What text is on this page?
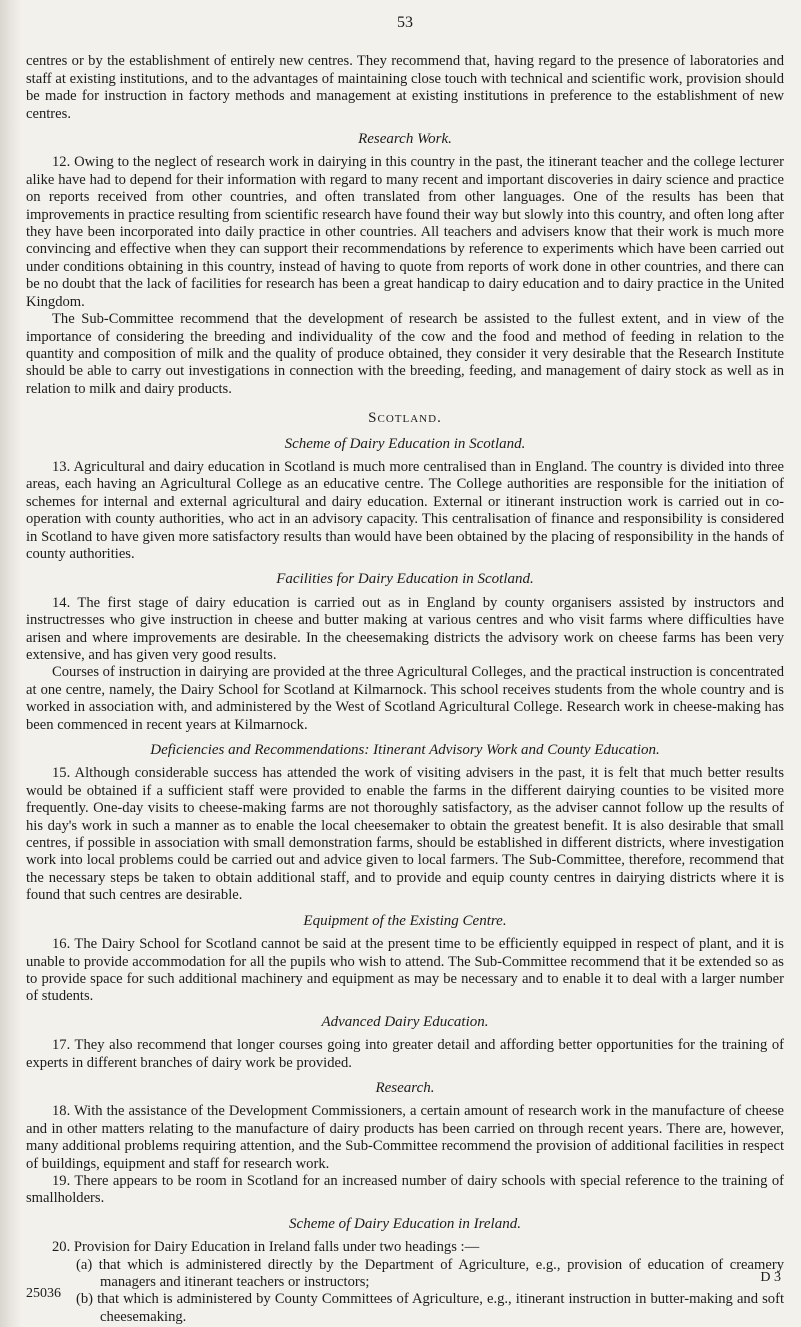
53

centres or by the establishment of entirely new centres. They recommend that, having regard to the presence of laboratories and staff at existing institutions, and to the advantages of maintaining close touch with technical and scientific work, provision should be made for instruction in factory methods and management at existing institutions in preference to the establishment of new centres.

Research Work.

12. Owing to the neglect of research work in dairying in this country in the past, the itinerant teacher and the college lecturer alike have had to depend for their information with regard to many recent and important discoveries in dairy science and practice on reports received from other countries, and often translated from other languages. One of the results has been that improvements in practice resulting from scientific research have found their way but slowly into this country, and often long after they have been incorporated into daily practice in other countries. All teachers and advisers know that their work is much more convincing and effective when they can support their recommendations by reference to experiments which have been carried out under conditions obtaining in this country, instead of having to quote from reports of work done in other countries, and there can be no doubt that the lack of facilities for research has been a great handicap to dairy education and to dairy practice in the United Kingdom.

The Sub-Committee recommend that the development of research be assisted to the fullest extent, and in view of the importance of considering the breeding and individuality of the cow and the food and method of feeding in relation to the quantity and composition of milk and the quality of produce obtained, they consider it very desirable that the Research Institute should be able to carry out investigations in connection with the breeding, feeding, and management of dairy stock as well as in relation to milk and dairy products.

Scotland.
Scheme of Dairy Education in Scotland.

13. Agricultural and dairy education in Scotland is much more centralised than in England. The country is divided into three areas, each having an Agricultural College as an educative centre. The College authorities are responsible for the initiation of schemes for internal and external agricultural and dairy education. External or itinerant instruction work is carried out in co-operation with county authorities, who act in an advisory capacity. This centralisation of finance and responsibility is considered in Scotland to have given more satisfactory results than would have been obtained by the placing of responsibility in the hands of county authorities.

Facilities for Dairy Education in Scotland.

14. The first stage of dairy education is carried out as in England by county organisers assisted by instructors and instructresses who give instruction in cheese and butter making at various centres and who visit farms where difficulties have arisen and where improvements are desirable. In the cheesemaking districts the advisory work on cheese farms has been very extensive, and has given very good results.

Courses of instruction in dairying are provided at the three Agricultural Colleges, and the practical instruction is concentrated at one centre, namely, the Dairy School for Scotland at Kilmarnock. This school receives students from the whole country and is worked in association with, and administered by the West of Scotland Agricultural College. Research work in cheese-making has been commenced in recent years at Kilmarnock.

Deficiencies and Recommendations: Itinerant Advisory Work and County Education.

15. Although considerable success has attended the work of visiting advisers in the past, it is felt that much better results would be obtained if a sufficient staff were provided to enable the farms in the different dairying counties to be visited more frequently. One-day visits to cheese-making farms are not thoroughly satisfactory, as the adviser cannot follow up the results of his day's work in such a manner as to enable the local cheesemaker to obtain the greatest benefit. It is also desirable that small centres, if possible in association with small demonstration farms, should be established in different districts, where investigation work into local problems could be carried out and advice given to local farmers. The Sub-Committee, therefore, recommend that the necessary steps be taken to obtain additional staff, and to provide and equip county centres in dairying districts where it is found that such centres are desirable.

Equipment of the Existing Centre.

16. The Dairy School for Scotland cannot be said at the present time to be efficiently equipped in respect of plant, and it is unable to provide accommodation for all the pupils who wish to attend. The Sub-Committee recommend that it be extended so as to provide space for such additional machinery and equipment as may be necessary and to enable it to deal with a larger number of students.

Advanced Dairy Education.

17. They also recommend that longer courses going into greater detail and affording better opportunities for the training of experts in different branches of dairy work be provided.

Research.

18. With the assistance of the Development Commissioners, a certain amount of research work in the manufacture of cheese and in other matters relating to the manufacture of dairy products has been carried on through recent years. There are, however, many additional problems requiring attention, and the Sub-Committee recommend the provision of additional facilities in respect of buildings, equipment and staff for research work.

19. There appears to be room in Scotland for an increased number of dairy schools with special reference to the training of smallholders.

Scheme of Dairy Education in Ireland.

20. Provision for Dairy Education in Ireland falls under two headings :—

(a) that which is administered directly by the Department of Agriculture, e.g., provision of education of creamery managers and itinerant teachers or instructors;

(b) that which is administered by County Committees of Agriculture, e.g., itinerant instruction in butter-making and soft cheesemaking.

25036
D 3
